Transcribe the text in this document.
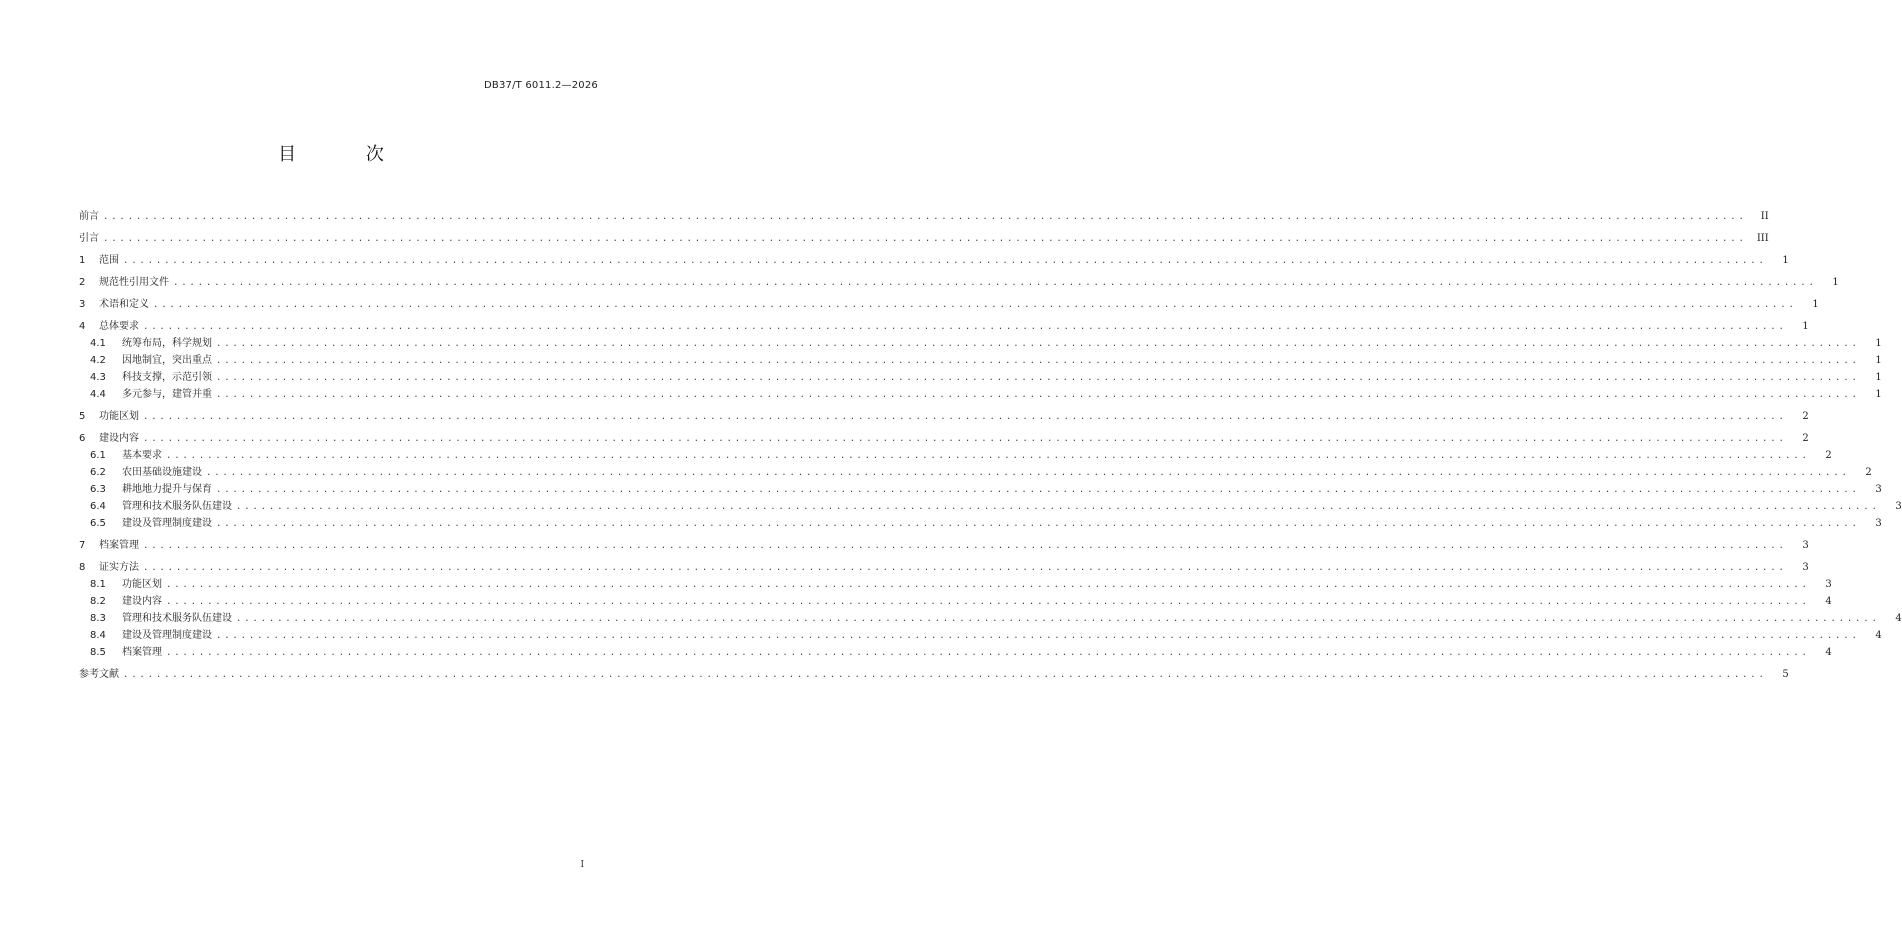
DB37/T 6011.2—2026
目 次
前言 ........................................................................................................................................................................................................	II
引言 ........................................................................................................................................................................................................	III
1	范围 ........................................................................................................................................................................................................	1
2	规范性引用文件 ........................................................................................................................................................................................................	1
3	术语和定义 ........................................................................................................................................................................................................	1
4	总体要求 ........................................................................................................................................................................................................	1
4.1	统筹布局，科学规划 ........................................................................................................................................................................................................	1
4.2	因地制宜，突出重点 ........................................................................................................................................................................................................	1
4.3	科技支撑，示范引领 ........................................................................................................................................................................................................	1
4.4	多元参与，建管并重 ........................................................................................................................................................................................................	1
5	功能区划 ........................................................................................................................................................................................................	2
6	建设内容 ........................................................................................................................................................................................................	2
6.1	基本要求 ........................................................................................................................................................................................................	2
6.2	农田基础设施建设 ........................................................................................................................................................................................................	2
6.3	耕地地力提升与保育 ........................................................................................................................................................................................................	3
6.4	管理和技术服务队伍建设 ........................................................................................................................................................................................................	3
6.5	建设及管理制度建设 ........................................................................................................................................................................................................	3
7	档案管理 ........................................................................................................................................................................................................	3
8	证实方法 ........................................................................................................................................................................................................	3
8.1	功能区划 ........................................................................................................................................................................................................	3
8.2	建设内容 ........................................................................................................................................................................................................	4
8.3	管理和技术服务队伍建设 ........................................................................................................................................................................................................	4
8.4	建设及管理制度建设 ........................................................................................................................................................................................................	4
8.5	档案管理 ........................................................................................................................................................................................................	4
参考文献 ........................................................................................................................................................................................................	5
I
